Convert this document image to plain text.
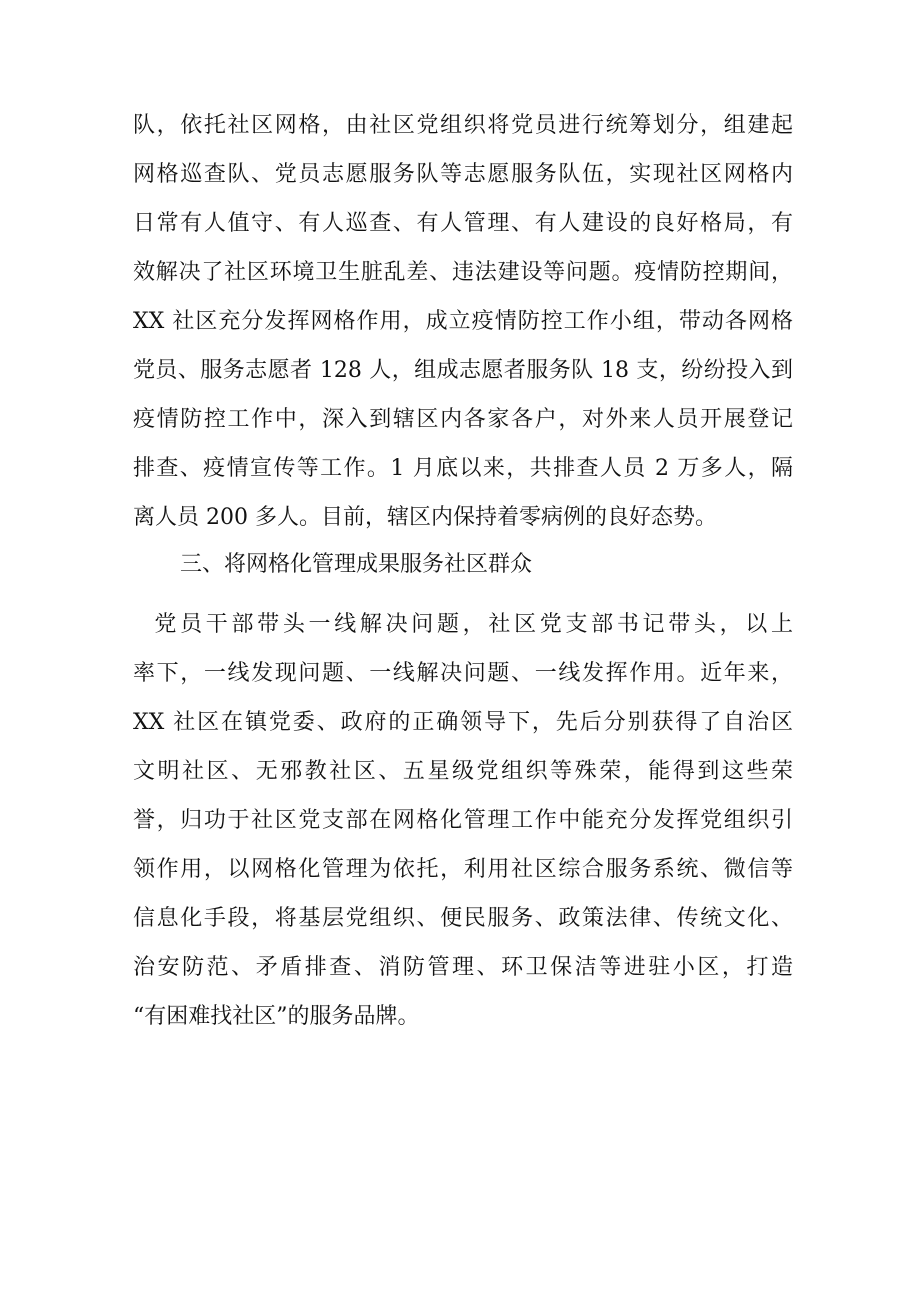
队，依托社区网格，由社区党组织将党员进行统筹划分，组建起
网格巡查队、党员志愿服务队等志愿服务队伍，实现社区网格内
日常有人值守、有人巡查、有人管理、有人建设的良好格局，有
效解决了社区环境卫生脏乱差、违法建设等问题。疫情防控期间，
XX 社区充分发挥网格作用，成立疫情防控工作小组，带动各网格
党员、服务志愿者 128 人，组成志愿者服务队 18 支，纷纷投入到
疫情防控工作中，深入到辖区内各家各户，对外来人员开展登记
排查、疫情宣传等工作。1 月底以来，共排查人员 2 万多人，隔
离人员 200 多人。目前，辖区内保持着零病例的良好态势。
三、将网格化管理成果服务社区群众
党员干部带头一线解决问题，社区党支部书记带头，以上
率下，一线发现问题、一线解决问题、一线发挥作用。近年来，
XX 社区在镇党委、政府的正确领导下，先后分别获得了自治区
文明社区、无邪教社区、五星级党组织等殊荣，能得到这些荣
誉，归功于社区党支部在网格化管理工作中能充分发挥党组织引
领作用，以网格化管理为依托，利用社区综合服务系统、微信等
信息化手段，将基层党组织、便民服务、政策法律、传统文化、
治安防范、矛盾排查、消防管理、环卫保洁等进驻小区，打造
“有困难找社区”的服务品牌。
